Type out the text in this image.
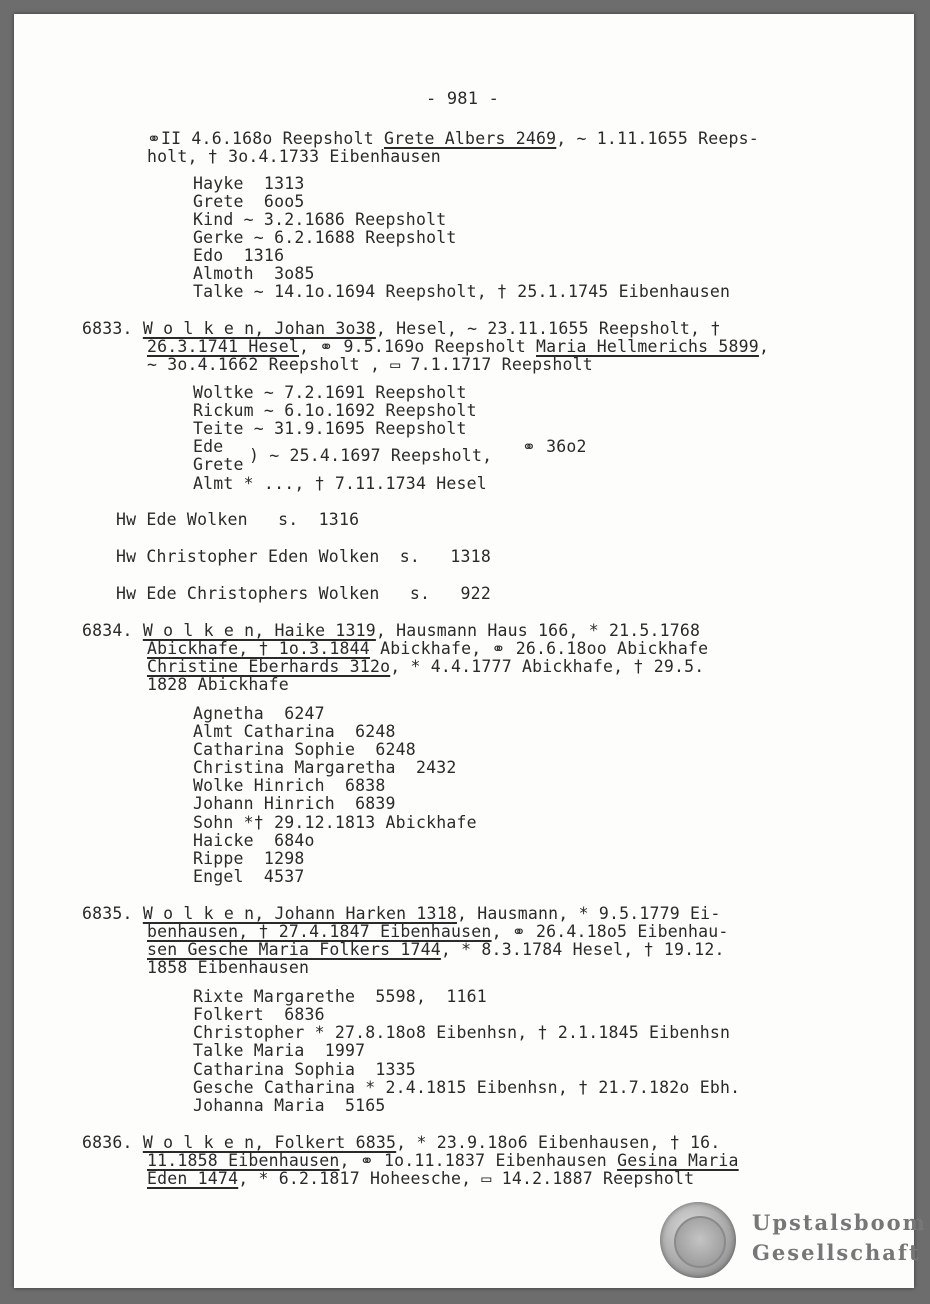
- 981 -
⚭II 4.6.168o Reepsholt Grete Albers 2469, ~ 1.11.1655 Reeps-
holt, † 3o.4.1733 Eibenhausen
Hayke  1313
Grete  6oo5
Kind ~ 3.2.1686 Reepsholt
Gerke ~ 6.2.1688 Reepsholt
Edo  1316
Almoth  3o85
Talke ~ 14.1o.1694 Reepsholt, † 25.1.1745 Eibenhausen
6833. W o l k e n, Johan 3o38, Hesel, ~ 23.11.1655 Reepsholt, †
26.3.1741 Hesel, ⚭ 9.5.169o Reepsholt Maria Hellmerichs 5899,
~ 3o.4.1662 Reepsholt , ▭ 7.1.1717 Reepsholt
Woltke ~ 7.2.1691 Reepsholt
Rickum ~ 6.1o.1692 Reepsholt
Teite ~ 31.9.1695 Reepsholt
Ede
Grete ) ~ 25.4.1697 Reepsholt, ⚭ 36o2
Almt * ..., † 7.11.1734 Hesel
Hw Ede Wolken   s.  1316
Hw Christopher Eden Wolken  s.   1318
Hw Ede Christophers Wolken   s.   922
6834. W o l k e n, Haike 1319, Hausmann Haus 166, * 21.5.1768
Abickhafe, † 1o.3.1844 Abickhafe, ⚭ 26.6.18oo Abickhafe
Christine Eberhards 312o, * 4.4.1777 Abickhafe, † 29.5.
1828 Abickhafe
Agnetha  6247
Almt Catharina  6248
Catharina Sophie  6248
Christina Margaretha  2432
Wolke Hinrich  6838
Johann Hinrich  6839
Sohn *† 29.12.1813 Abickhafe
Haicke  684o
Rippe  1298
Engel  4537
6835. W o l k e n, Johann Harken 1318, Hausmann, * 9.5.1779 Ei-
benhausen, † 27.4.1847 Eibenhausen, ⚭ 26.4.18o5 Eibenhau-
sen Gesche Maria Folkers 1744, * 8.3.1784 Hesel, † 19.12.
1858 Eibenhausen
Rixte Margarethe  5598,  1161
Folkert  6836
Christopher * 27.8.18o8 Eibenhsn, † 2.1.1845 Eibenhsn
Talke Maria  1997
Catharina Sophia  1335
Gesche Catharina * 2.4.1815 Eibenhsn, † 21.7.182o Ebh.
Johanna Maria  5165
6836. W o l k e n, Folkert 6835, * 23.9.18o6 Eibenhausen, † 16.
11.1858 Eibenhausen, ⚭ 1o.11.1837 Eibenhausen Gesina Maria
Eden 1474, * 6.2.1817 Hoheesche, ▭ 14.2.1887 Reepsholt
Upstalsboom
Gesellschaft
